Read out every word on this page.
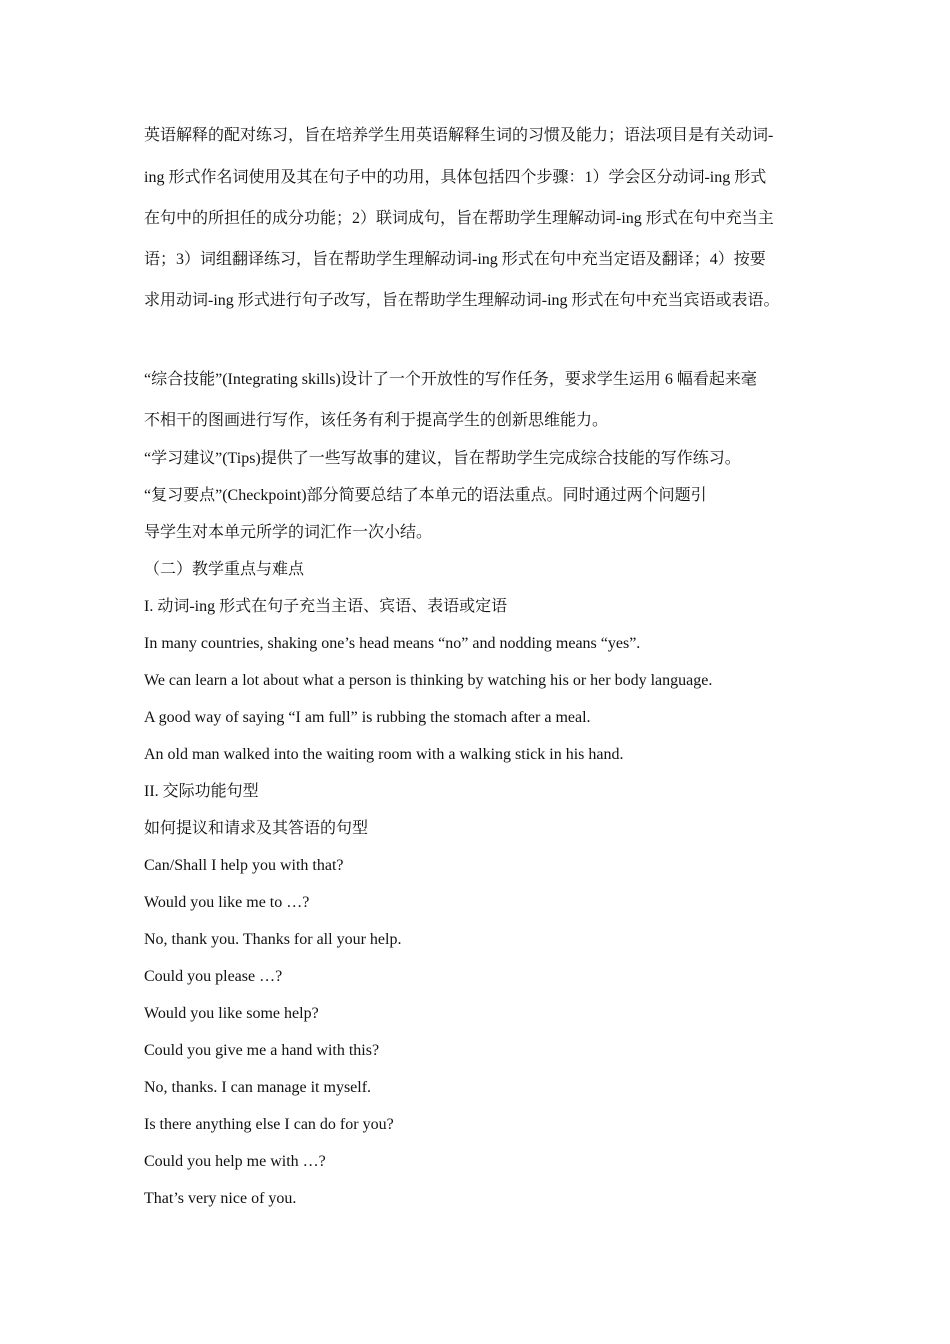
英语解释的配对练习，旨在培养学生用英语解释生词的习惯及能力；语法项目是有关动词-
ing 形式作名词使用及其在句子中的功用，具体包括四个步骤：1）学会区分动词-ing 形式
在句中的所担任的成分功能；2）联词成句，旨在帮助学生理解动词-ing 形式在句中充当主
语；3）词组翻译练习，旨在帮助学生理解动词-ing 形式在句中充当定语及翻译；4）按要
求用动词-ing 形式进行句子改写，旨在帮助学生理解动词-ing 形式在句中充当宾语或表语。
“综合技能”(Integrating skills)设计了一个开放性的写作任务，要求学生运用 6 幅看起来毫
不相干的图画进行写作，该任务有利于提高学生的创新思维能力。
“学习建议”(Tips)提供了一些写故事的建议，旨在帮助学生完成综合技能的写作练习。
“复习要点”(Checkpoint)部分简要总结了本单元的语法重点。同时通过两个问题引
导学生对本单元所学的词汇作一次小结。
（二）教学重点与难点
I. 动词-ing 形式在句子充当主语、宾语、表语或定语
In many countries, shaking one’s head means “no” and nodding means “yes”.
We can learn a lot about what a person is thinking by watching his or her body language.
A good way of saying “I am full” is rubbing the stomach after a meal.
An old man walked into the waiting room with a walking stick in his hand.
II. 交际功能句型
如何提议和请求及其答语的句型
Can/Shall I help you with that?
Would you like me to …?
No, thank you. Thanks for all your help.
Could you please …?
Would you like some help?
Could you give me a hand with this?
No, thanks. I can manage it myself.
Is there anything else I can do for you?
Could you help me with …?
That’s very nice of you.
